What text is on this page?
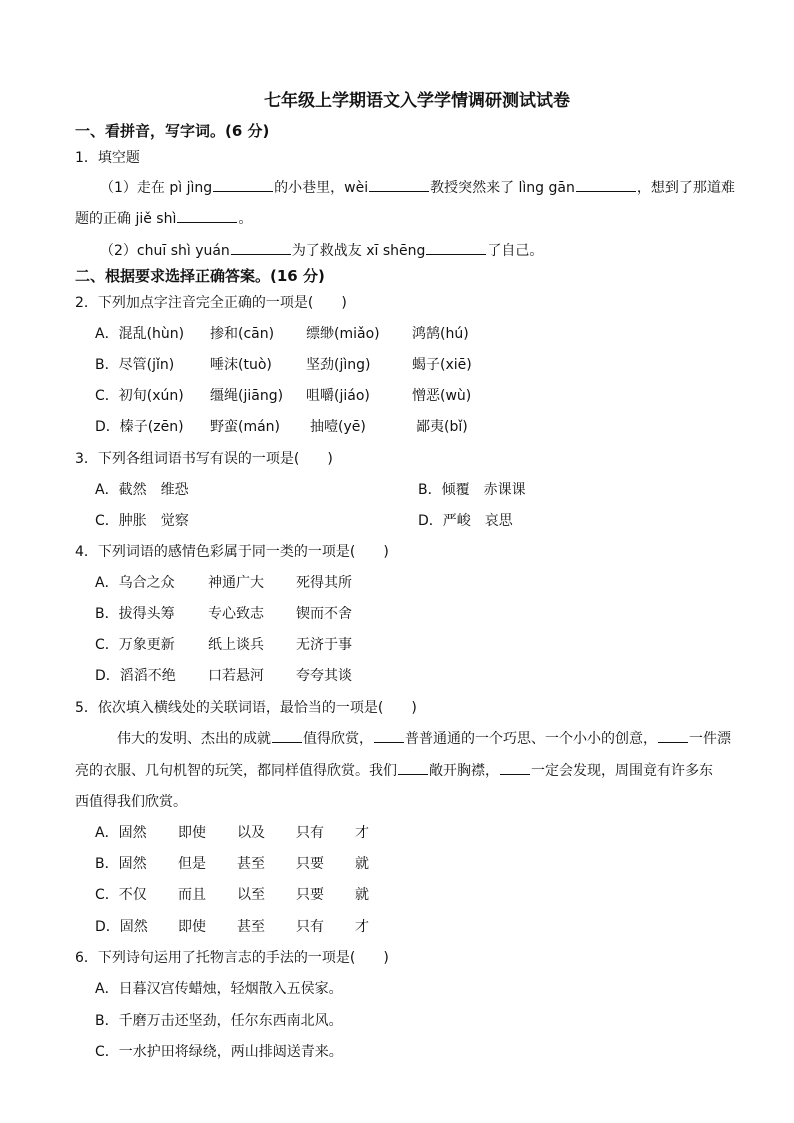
七年级上学期语文入学学情调研测试试卷
一、看拼音，写字词。(6 分)
1．填空题
（1）走在 pì jìng	的小巷里，wèi	教授突然来了 lìng gān	，想到了那道难
题的正确 jiě shì	。
（2）chuī shì yuán	为了救战友 xī shēng	了自己。
二、根据要求选择正确答案。(16 分)
2．下列加点字注音完全正确的一项是(　　)
A．混乱(hùn) 掺和(cān) 缥缈(miǎo) 鸿鹄(hú)
B．尽管(jǐn)	唾沫(tuò) 坚劲(jìng)	蝎子(xiē)
C．初旬(xún) 缰绳(jiāng) 咀嚼(jiáo)	憎恶(wù)
D．榛子(zēn) 野蛮(mán) 抽噎(yē)	鄙夷(bǐ)
3．下列各组词语书写有误的一项是(　　)
A．截然　维恐	B．倾覆　赤课课
C．肿胀　觉察	D．严峻　哀思
4．下列词语的感情色彩属于同一类的一项是(　　)
A．乌合之众 神通广大 死得其所
B．拔得头筹 专心致志 锲而不舍
C．万象更新 纸上谈兵 无济于事
D．滔滔不绝 口若悬河 夸夸其谈
5．依次填入横线处的关联词语，最恰当的一项是(　　)
伟大的发明、杰出的成就 值得欣赏， 普普通通的一个巧思、一个小小的创意， 一件漂
亮的衣服、几句机智的玩笑，都同样值得欣赏。我们 敞开胸襟， 一定会发现，周围竟有许多东
西值得我们欣赏。
A．固然 即使 以及 只有 才
B．固然 但是 甚至 只要 就
C．不仅 而且 以至 只要 就
D．固然 即使 甚至 只有 才
6．下列诗句运用了托物言志的手法的一项是(　　)
A．日暮汉宫传蜡烛，轻烟散入五侯家。
B．千磨万击还坚劲，任尔东西南北风。
C．一水护田将绿绕，两山排闼送青来。
